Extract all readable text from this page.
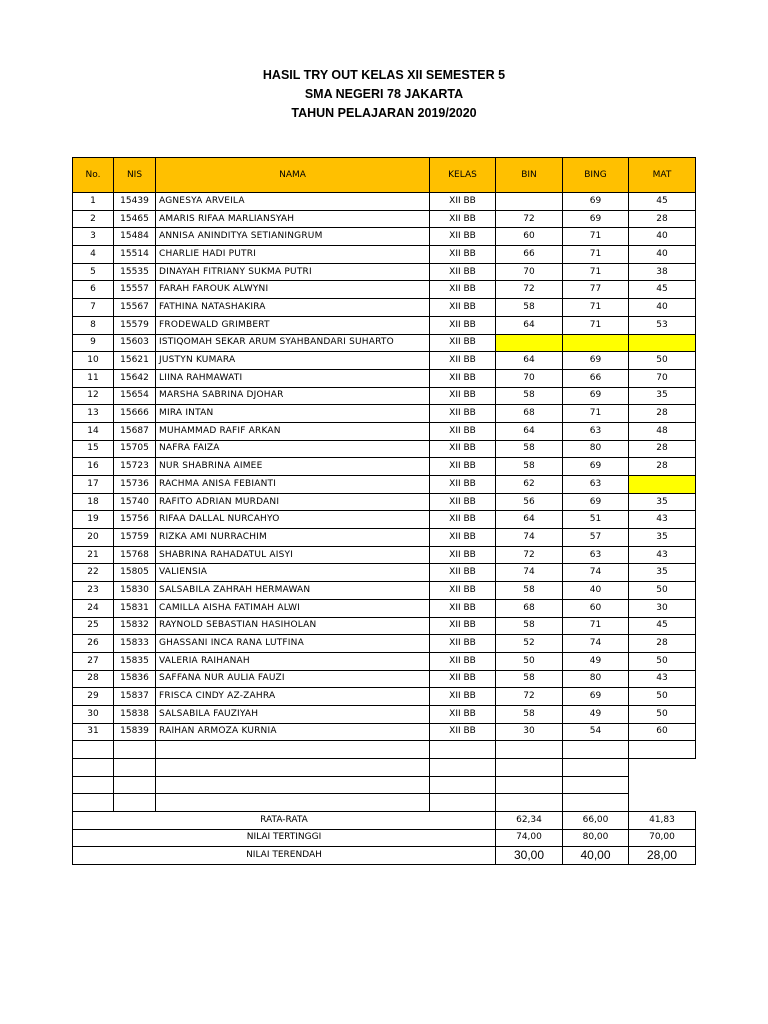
HASIL TRY OUT KELAS XII SEMESTER 5
SMA NEGERI 78 JAKARTA
TAHUN PELAJARAN 2019/2020
No.	NIS	NAMA	KELAS	BIN	BING	MAT
1	15439	AGNESYA ARVEILA	XII BB		69	45
2	15465	AMARIS RIFAA MARLIANSYAH	XII BB	72	69	28
3	15484	ANNISA ANINDITYA SETIANINGRUM	XII BB	60	71	40
4	15514	CHARLIE HADI PUTRI	XII BB	66	71	40
5	15535	DINAYAH FITRIANY SUKMA PUTRI	XII BB	70	71	38
6	15557	FARAH FAROUK ALWYNI	XII BB	72	77	45
7	15567	FATHINA NATASHAKIRA	XII BB	58	71	40
8	15579	FRODEWALD GRIMBERT	XII BB	64	71	53
9	15603	ISTIQOMAH SEKAR ARUM SYAHBANDARI SUHARTO	XII BB			
10	15621	JUSTYN KUMARA	XII BB	64	69	50
11	15642	LIINA RAHMAWATI	XII BB	70	66	70
12	15654	MARSHA SABRINA DJOHAR	XII BB	58	69	35
13	15666	MIRA INTAN	XII BB	68	71	28
14	15687	MUHAMMAD RAFIF ARKAN	XII BB	64	63	48
15	15705	NAFRA FAIZA	XII BB	58	80	28
16	15723	NUR SHABRINA AIMEE	XII BB	58	69	28
17	15736	RACHMA ANISA FEBIANTI	XII BB	62	63	
18	15740	RAFITO ADRIAN MURDANI	XII BB	56	69	35
19	15756	RIFAA DALLAL NURCAHYO	XII BB	64	51	43
20	15759	RIZKA AMI NURRACHIM	XII BB	74	57	35
21	15768	SHABRINA RAHADATUL AISYI	XII BB	72	63	43
22	15805	VALIENSIA	XII BB	74	74	35
23	15830	SALSABILA ZAHRAH HERMAWAN	XII BB	58	40	50
24	15831	CAMILLA AISHA FATIMAH ALWI	XII BB	68	60	30
25	15832	RAYNOLD SEBASTIAN HASIHOLAN	XII BB	58	71	45
26	15833	GHASSANI INCA RANA LUTFINA	XII BB	52	74	28
27	15835	VALERIA RAIHANAH	XII BB	50	49	50
28	15836	SAFFANA NUR AULIA FAUZI	XII BB	58	80	43
29	15837	FRISCA CINDY AZ-ZAHRA	XII BB	72	69	50
30	15838	SALSABILA FAUZIYAH	XII BB	58	49	50
31	15839	RAIHAN ARMOZA KURNIA	XII BB	30	54	60

RATA-RATA				62,34	66,00	41,83
NILAI TERTINGGI				74,00	80,00	70,00
NILAI TERENDAH				30,00	40,00	28,00
